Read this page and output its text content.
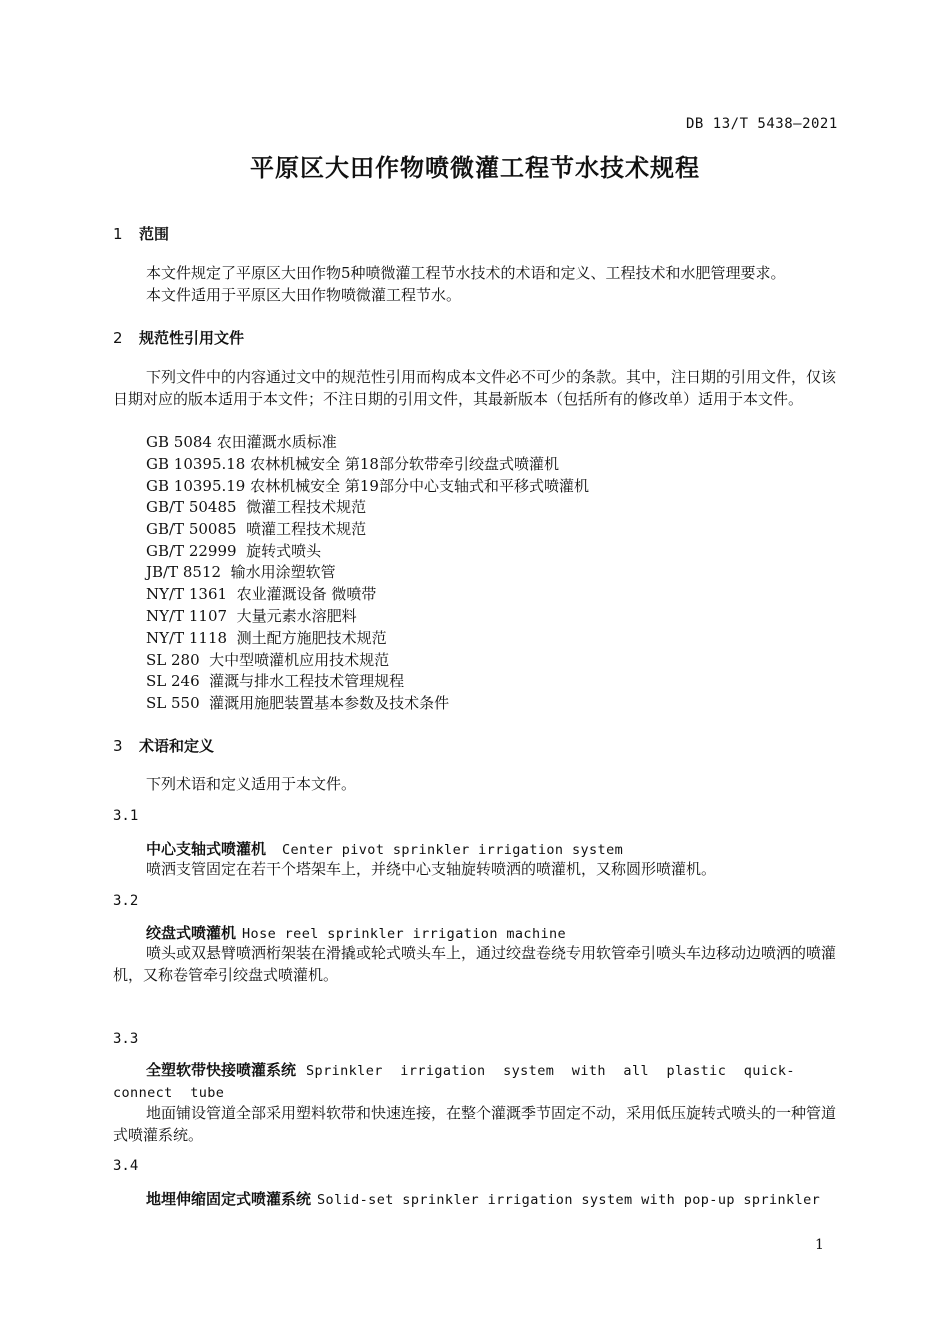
DB 13/T 5438—2021
平原区大田作物喷微灌工程节水技术规程
1 范围
本文件规定了平原区大田作物5种喷微灌工程节水技术的术语和定义、工程技术和水肥管理要求。
本文件适用于平原区大田作物喷微灌工程节水。
2 规范性引用文件
下列文件中的内容通过文中的规范性引用而构成本文件必不可少的条款。其中，注日期的引用文件，仅该日期对应的版本适用于本文件；不注日期的引用文件，其最新版本（包括所有的修改单）适用于本文件。
GB 5084 农田灌溉水质标准
GB 10395.18 农林机械安全 第18部分软带牵引绞盘式喷灌机
GB 10395.19 农林机械安全 第19部分中心支轴式和平移式喷灌机
GB/T 50485  微灌工程技术规范
GB/T 50085  喷灌工程技术规范
GB/T 22999  旋转式喷头
JB/T 8512  输水用涂塑软管
NY/T 1361  农业灌溉设备 微喷带
NY/T 1107  大量元素水溶肥料
NY/T 1118  测土配方施肥技术规范
SL 280  大中型喷灌机应用技术规范
SL 246  灌溉与排水工程技术管理规程
SL 550  灌溉用施肥装置基本参数及技术条件
3 术语和定义
下列术语和定义适用于本文件。
3.1
中心支轴式喷灌机 Center pivot sprinkler irrigation system
喷洒支管固定在若干个塔架车上，并绕中心支轴旋转喷洒的喷灌机，又称圆形喷灌机。
3.2
绞盘式喷灌机 Hose reel sprinkler irrigation machine
喷头或双悬臂喷洒桁架装在滑撬或轮式喷头车上，通过绞盘卷绕专用软管牵引喷头车边移动边喷洒的喷灌机，又称卷管牵引绞盘式喷灌机。
3.3
全塑软带快接喷灌系统 Sprinkler irrigation system with all plastic quick-connect tube
地面铺设管道全部采用塑料软带和快速连接，在整个灌溉季节固定不动，采用低压旋转式喷头的一种管道式喷灌系统。
3.4
地埋伸缩固定式喷灌系统 Solid-set sprinkler irrigation system with pop-up sprinkler
1
